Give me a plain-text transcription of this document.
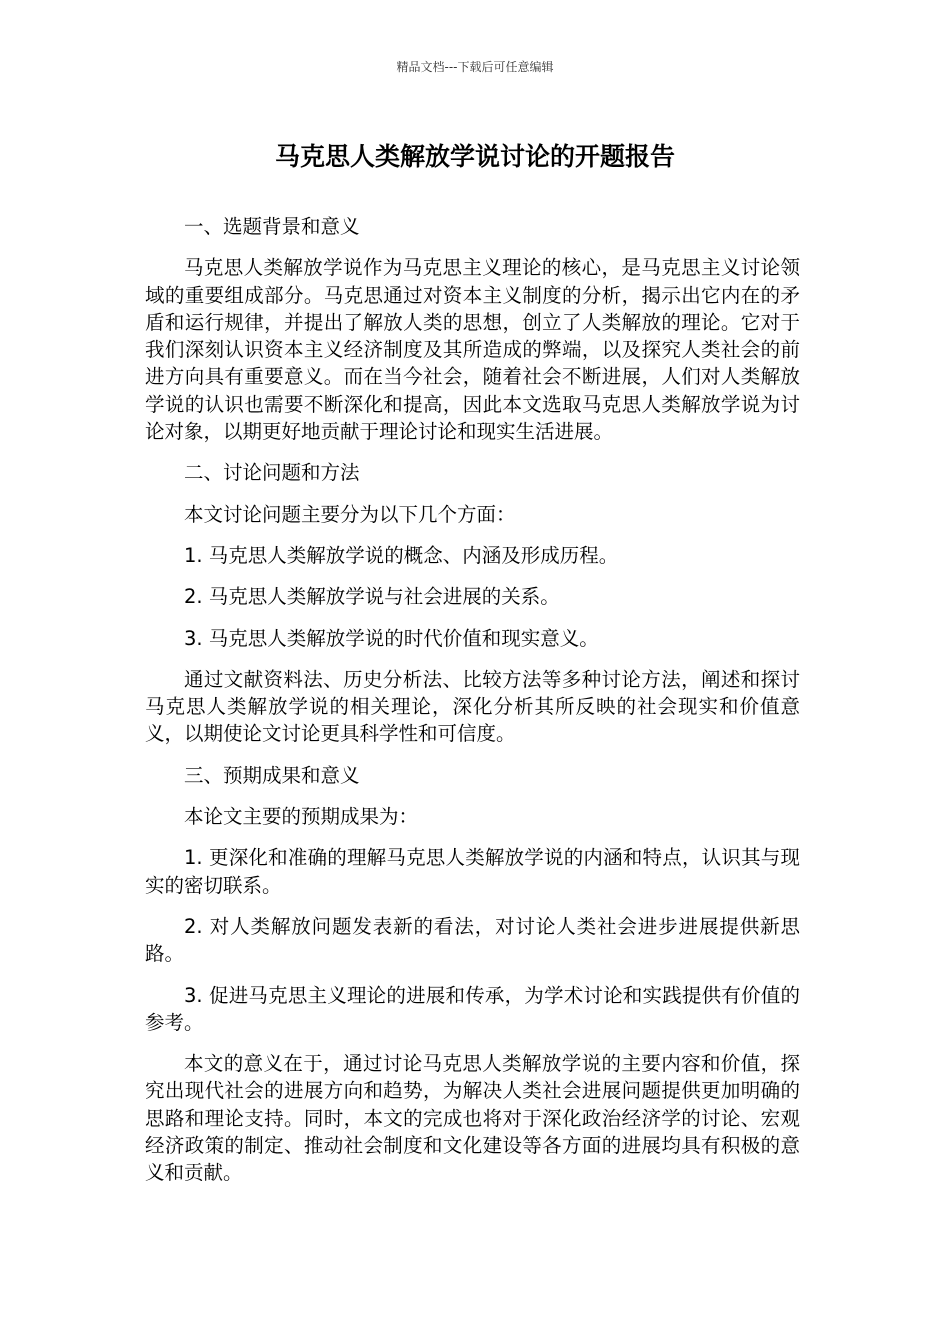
精品文档---下载后可任意编辑
马克思人类解放学说讨论的开题报告

一、选题背景和意义

马克思人类解放学说作为马克思主义理论的核心，是马克思主义讨论领域的重要组成部分。马克思通过对资本主义制度的分析，揭示出它内在的矛盾和运行规律，并提出了解放人类的思想，创立了人类解放的理论。它对于我们深刻认识资本主义经济制度及其所造成的弊端，以及探究人类社会的前进方向具有重要意义。而在当今社会，随着社会不断进展，人们对人类解放学说的认识也需要不断深化和提高，因此本文选取马克思人类解放学说为讨论对象，以期更好地贡献于理论讨论和现实生活进展。

二、讨论问题和方法

本文讨论问题主要分为以下几个方面：

1. 马克思人类解放学说的概念、内涵及形成历程。

2. 马克思人类解放学说与社会进展的关系。

3. 马克思人类解放学说的时代价值和现实意义。

通过文献资料法、历史分析法、比较方法等多种讨论方法，阐述和探讨马克思人类解放学说的相关理论，深化分析其所反映的社会现实和价值意义，以期使论文讨论更具科学性和可信度。

三、预期成果和意义

本论文主要的预期成果为：

1. 更深化和准确的理解马克思人类解放学说的内涵和特点，认识其与现实的密切联系。

2. 对人类解放问题发表新的看法，对讨论人类社会进步进展提供新思路。

3. 促进马克思主义理论的进展和传承，为学术讨论和实践提供有价值的参考。

本文的意义在于，通过讨论马克思人类解放学说的主要内容和价值，探究出现代社会的进展方向和趋势，为解决人类社会进展问题提供更加明确的思路和理论支持。同时，本文的完成也将对于深化政治经济学的讨论、宏观经济政策的制定、推动社会制度和文化建设等各方面的进展均具有积极的意义和贡献。
